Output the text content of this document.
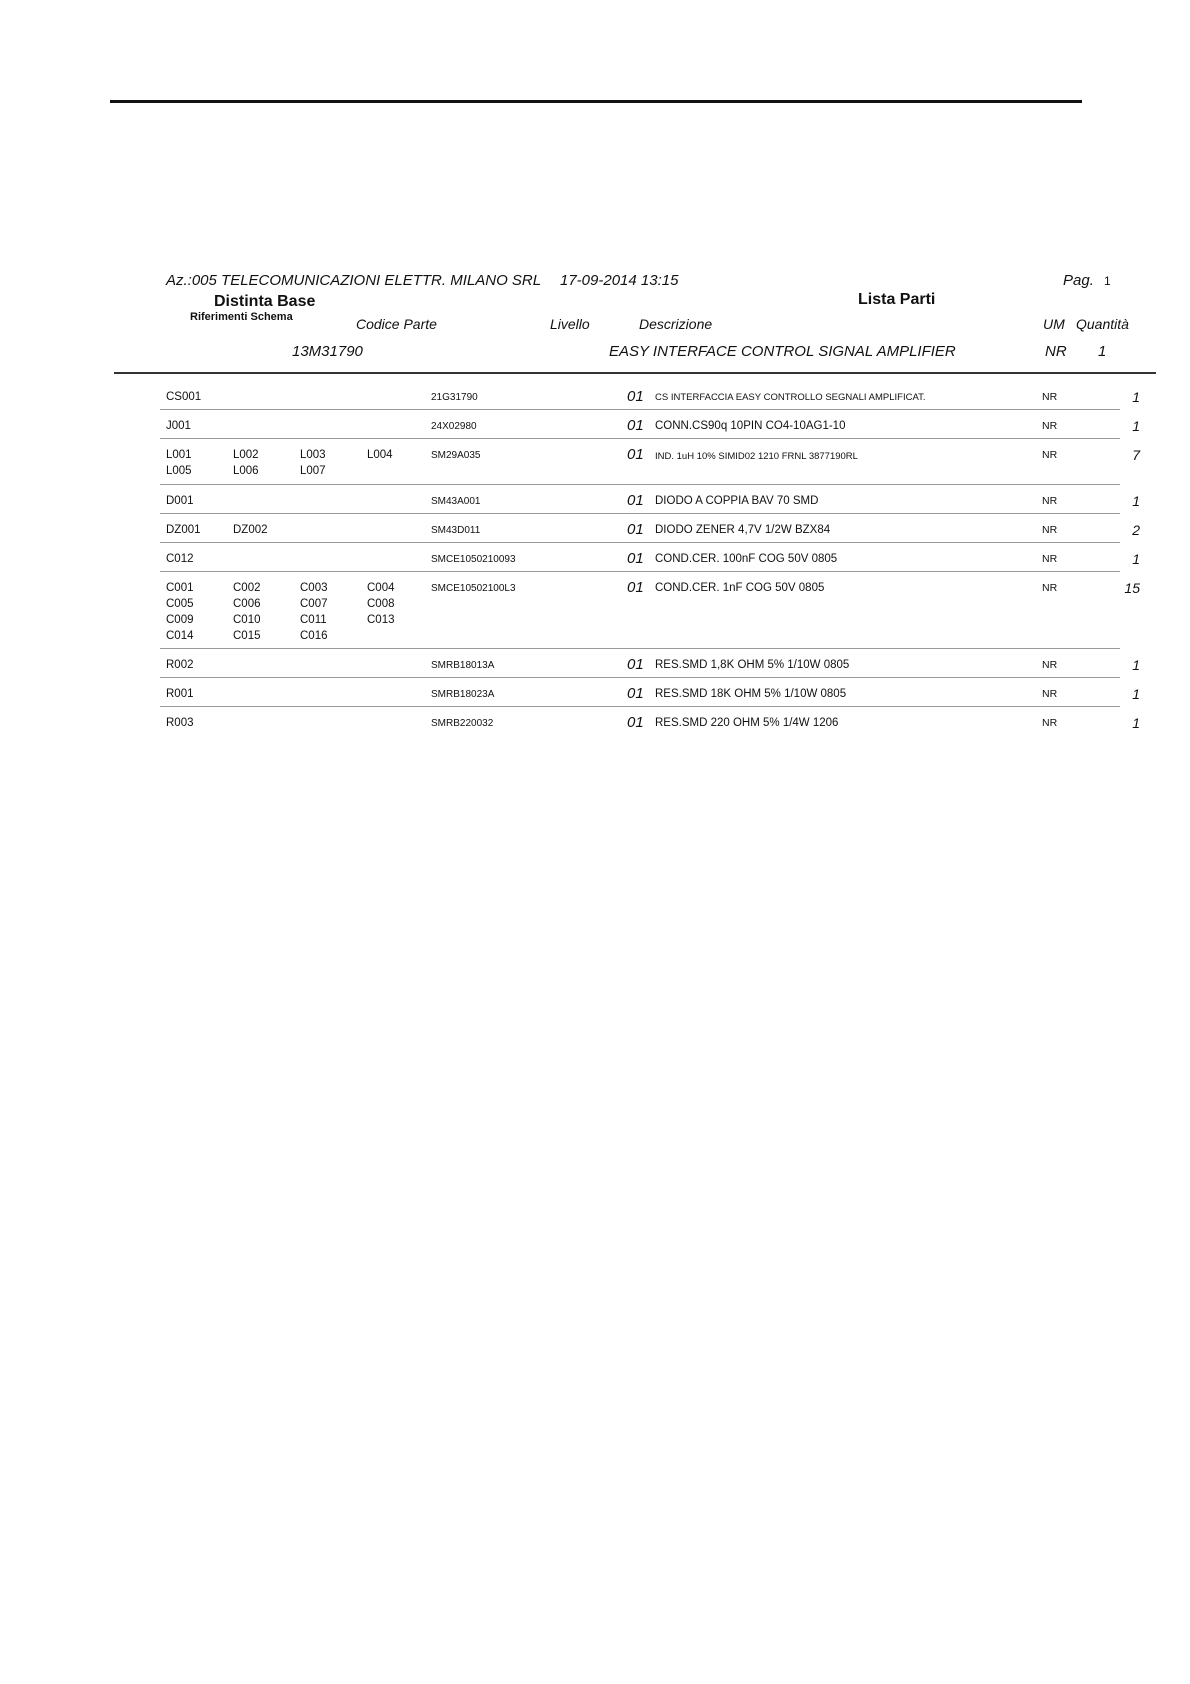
Az.:005 TELECOMUNICAZIONI ELETTR. MILANO SRL 17-09-2014 13:15	Pag. 1
Distinta Base	Lista Parti
Riferimenti Schema	Codice Parte	Livello	Descrizione	UM Quantità
13M31790	EASY INTERFACE CONTROL SIGNAL AMPLIFIER	NR 1
CS001	21G31790	01 CS INTERFACCIA EASY CONTROLLO SEGNALI AMPLIFICAT.	NR	1
J001	24X02980	01 CONN.CS90q 10PIN CO4-10AG1-10	NR	1
L001	L002	L003	L004
L005	L006	L007
SM29A035	01 IND. 1uH 10% SIMID02 1210 FRNL 3877190RL	NR	7
D001	SM43A001	01 DIODO A COPPIA BAV 70 SMD	NR	1
DZ001	DZ002	SM43D011	01 DIODO ZENER 4,7V 1/2W BZX84	NR	2
C012	SMCE1050210093	01 COND.CER. 100nF COG 50V 0805	NR	1
C001	C002	C003	C004
C005	C006	C007	C008
C009	C010	C011	C013
C014	C015	C016
SMCE10502100L3	01 COND.CER. 1nF COG 50V 0805	NR	15
R002	SMRB18013A	01 RES.SMD 1,8K OHM 5% 1/10W 0805	NR	1
R001	SMRB18023A	01 RES.SMD 18K OHM 5% 1/10W 0805	NR	1
R003	SMRB220032	01 RES.SMD 220 OHM 5% 1/4W 1206	NR	1
